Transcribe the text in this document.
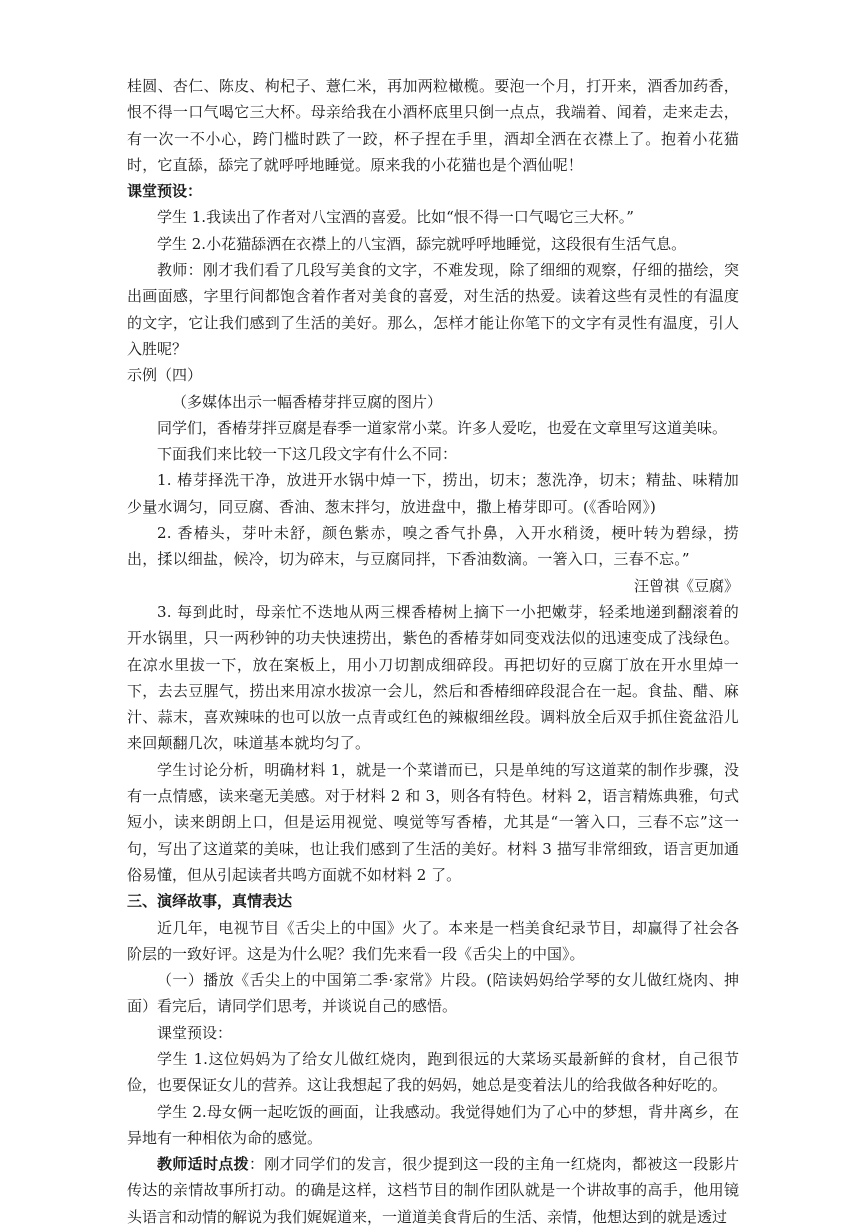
桂圆、杏仁、陈皮、枸杞子、薏仁米，再加两粒橄榄。要泡一个月，打开来，酒香加药香，恨不得一口气喝它三大杯。母亲给我在小酒杯底里只倒一点点，我端着、闻着，走来走去，有一次一不小心，跨门槛时跌了一跤，杯子捏在手里，酒却全洒在衣襟上了。抱着小花猫时，它直舔，舔完了就呼呼地睡觉。原来我的小花猫也是个酒仙呢！

课堂预设：

学生 1.我读出了作者对八宝酒的喜爱。比如“恨不得一口气喝它三大杯。”

学生 2.小花猫舔洒在衣襟上的八宝酒，舔完就呼呼地睡觉，这段很有生活气息。

教师：刚才我们看了几段写美食的文字，不难发现，除了细细的观察，仔细的描绘，突出画面感，字里行间都饱含着作者对美食的喜爱，对生活的热爱。读着这些有灵性的有温度的文字，它让我们感到了生活的美好。那么，怎样才能让你笔下的文字有灵性有温度，引人入胜呢？

示例（四）

（多媒体出示一幅香椿芽拌豆腐的图片）

同学们，香椿芽拌豆腐是春季一道家常小菜。许多人爱吃，也爱在文章里写这道美味。

下面我们来比较一下这几段文字有什么不同：

1. 椿芽择洗干净，放进开水锅中焯一下，捞出，切末；葱洗净，切末；精盐、味精加少量水调匀，同豆腐、香油、葱末拌匀，放进盘中，撒上椿芽即可。(《香哈网》)

2. 香椿头，芽叶未舒，颜色紫赤，嗅之香气扑鼻，入开水稍烫，梗叶转为碧绿，捞出，揉以细盐，候冷，切为碎末，与豆腐同拌，下香油数滴。一箸入口，三春不忘。”

汪曾祺《豆腐》

3. 每到此时，母亲忙不迭地从两三棵香椿树上摘下一小把嫩芽，轻柔地递到翻滚着的开水锅里，只一两秒钟的功夫快速捞出，紫色的香椿芽如同变戏法似的迅速变成了浅绿色。在凉水里拔一下，放在案板上，用小刀切割成细碎段。再把切好的豆腐丁放在开水里焯一下，去去豆腥气，捞出来用凉水拔凉一会儿，然后和香椿细碎段混合在一起。食盐、醋、麻汁、蒜末，喜欢辣味的也可以放一点青或红色的辣椒细丝段。调料放全后双手抓住瓷盆沿儿来回颠翻几次，味道基本就均匀了。

学生讨论分析，明确材料 1，就是一个菜谱而已，只是单纯的写这道菜的制作步骤，没有一点情感，读来毫无美感。对于材料 2 和 3，则各有特色。材料 2，语言精炼典雅，句式短小，读来朗朗上口，但是运用视觉、嗅觉等写香椿，尤其是“一箸入口，三春不忘”这一句，写出了这道菜的美味，也让我们感到了生活的美好。材料 3 描写非常细致，语言更加通俗易懂，但从引起读者共鸣方面就不如材料 2 了。

三、演绎故事，真情表达

近几年，电视节目《舌尖上的中国》火了。本来是一档美食纪录节目，却赢得了社会各阶层的一致好评。这是为什么呢？我们先来看一段《舌尖上的中国》。

（一）播放《舌尖上的中国第二季·家常》片段。(陪读妈妈给学琴的女儿做红烧肉、抻面）看完后，请同学们思考，并谈说自己的感悟。

课堂预设：

学生 1.这位妈妈为了给女儿做红烧肉，跑到很远的大菜场买最新鲜的食材，自己很节俭，也要保证女儿的营养。这让我想起了我的妈妈，她总是变着法儿的给我做各种好吃的。

学生 2.母女俩一起吃饭的画面，让我感动。我觉得她们为了心中的梦想，背井离乡，在异地有一种相依为命的感觉。

教师适时点拨：刚才同学们的发言，很少提到这一段的主角一红烧肉，都被这一段影片传达的亲情故事所打动。的确是这样，这档节目的制作团队就是一个讲故事的高手，他用镜头语言和动情的解说为我们娓娓道来，一道道美食背后的生活、亲情，他想达到的就是透过
